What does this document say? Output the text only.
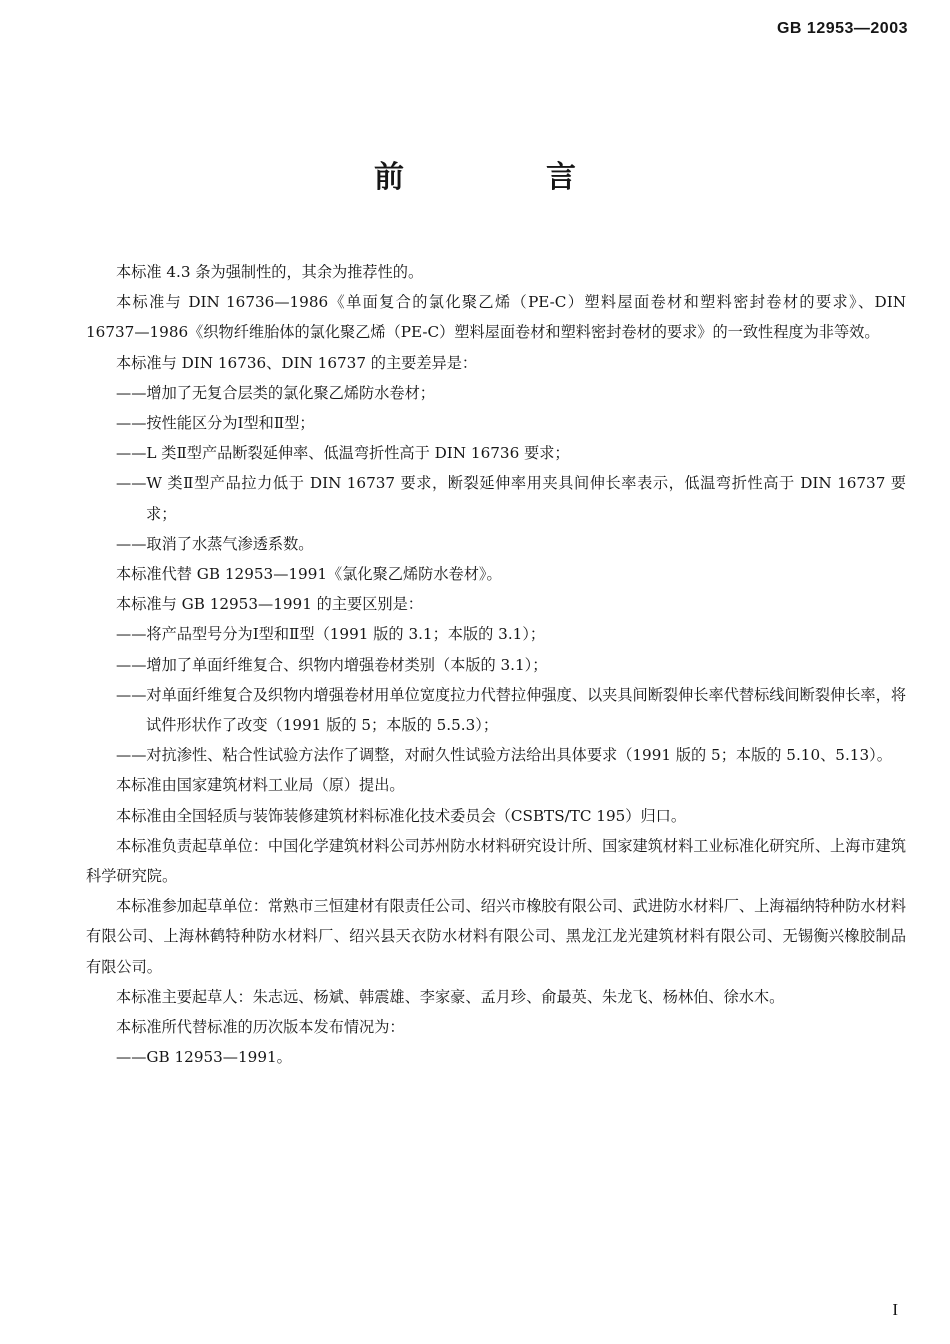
GB 12953—2003
前　言

本标准 4.3 条为强制性的，其余为推荐性的。

本标准与 DIN 16736—1986《单面复合的氯化聚乙烯（PE-C）塑料屋面卷材和塑料密封卷材的要求》、DIN 16737—1986《织物纤维胎体的氯化聚乙烯（PE-C）塑料屋面卷材和塑料密封卷材的要求》的一致性程度为非等效。

本标准与 DIN 16736、DIN 16737 的主要差异是：

——增加了无复合层类的氯化聚乙烯防水卷材；

——按性能区分为Ⅰ型和Ⅱ型；

——L 类Ⅱ型产品断裂延伸率、低温弯折性高于 DIN 16736 要求；

——W 类Ⅱ型产品拉力低于 DIN 16737 要求，断裂延伸率用夹具间伸长率表示，低温弯折性高于 DIN 16737 要求；

——取消了水蒸气渗透系数。

本标准代替 GB 12953—1991《氯化聚乙烯防水卷材》。

本标准与 GB 12953—1991 的主要区别是：

——将产品型号分为Ⅰ型和Ⅱ型（1991 版的 3.1；本版的 3.1）；

——增加了单面纤维复合、织物内增强卷材类别（本版的 3.1）；

——对单面纤维复合及织物内增强卷材用单位宽度拉力代替拉伸强度、以夹具间断裂伸长率代替标线间断裂伸长率，将试件形状作了改变（1991 版的 5；本版的 5.5.3）；

——对抗渗性、粘合性试验方法作了调整，对耐久性试验方法给出具体要求（1991 版的 5；本版的 5.10、5.13）。

本标准由国家建筑材料工业局（原）提出。

本标准由全国轻质与装饰装修建筑材料标准化技术委员会（CSBTS/TC 195）归口。

本标准负责起草单位：中国化学建筑材料公司苏州防水材料研究设计所、国家建筑材料工业标准化研究所、上海市建筑科学研究院。

本标准参加起草单位：常熟市三恒建材有限责任公司、绍兴市橡胶有限公司、武进防水材料厂、上海福纳特种防水材料有限公司、上海林鹤特种防水材料厂、绍兴县天衣防水材料有限公司、黑龙江龙光建筑材料有限公司、无锡衡兴橡胶制品有限公司。

本标准主要起草人：朱志远、杨斌、韩震雄、李家豪、孟月珍、俞最英、朱龙飞、杨林伯、徐水木。

本标准所代替标准的历次版本发布情况为：

——GB 12953—1991。

I
